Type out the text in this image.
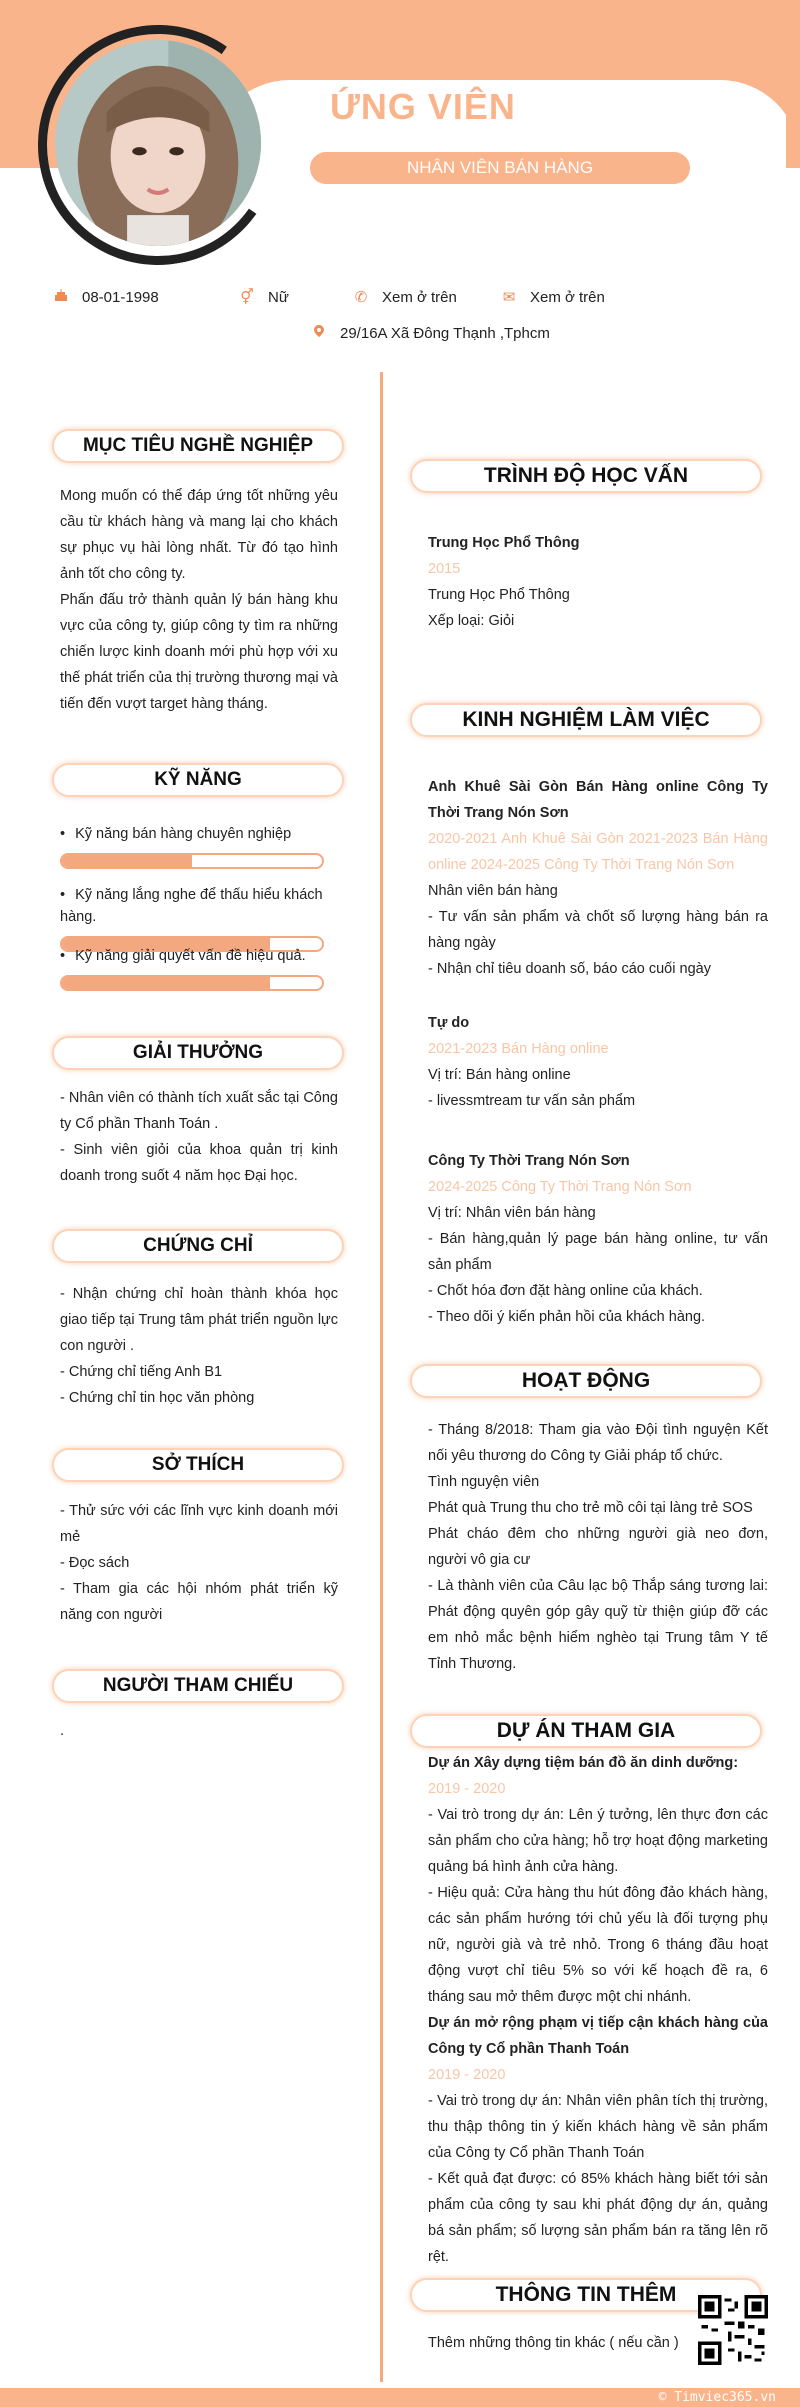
ỨNG VIÊN
NHÂN VIÊN BÁN HÀNG
08-01-1998	⚥ Nữ	✆ Xem ở trên	✉ Xem ở trên
29/16A Xã Đông Thạnh ,Tphcm
MỤC TIÊU NGHỀ NGHIỆP

Mong muốn có thể đáp ứng tốt những yêu cầu từ khách hàng và mang lại cho khách sự phục vụ hài lòng nhất. Từ đó tạo hình ảnh tốt cho công ty.

Phấn đấu trở thành quản lý bán hàng khu vực của công ty, giúp công ty tìm ra những chiến lược kinh doanh mới phù hợp với xu thế phát triển của thị trường thương mại và tiến đến vượt target hàng tháng.

KỸ NĂNG
• Kỹ năng bán hàng chuyên nghiệp
• Kỹ năng lắng nghe để thấu hiểu khách hàng.
• Kỹ năng giải quyết vấn đề hiệu quả.
GIẢI THƯỞNG

- Nhân viên có thành tích xuất sắc tại Công ty Cổ phần Thanh Toán .

- Sinh viên giỏi của khoa quản trị kinh doanh trong suốt 4 năm học Đại học.

CHỨNG CHỈ

- Nhận chứng chỉ hoàn thành khóa học giao tiếp tại Trung tâm phát triển nguồn lực con người .

- Chứng chỉ tiếng Anh B1

- Chứng chỉ tin học văn phòng

SỞ THÍCH

- Thử sức với các lĩnh vực kinh doanh mới mẻ

- Đọc sách

- Tham gia các hội nhóm phát triển kỹ năng con người

NGƯỜI THAM CHIẾU

.

TRÌNH ĐỘ HỌC VẤN

Trung Học Phổ Thông

2015

Trung Học Phổ Thông

Xếp loại: Giỏi

KINH NGHIỆM LÀM VIỆC

Anh Khuê Sài Gòn Bán Hàng online Công Ty Thời Trang Nón Sơn

2020-2021 Anh Khuê Sài Gòn 2021-2023 Bán Hàng online 2024-2025 Công Ty Thời Trang Nón Sơn

Nhân viên bán hàng

- Tư vấn sản phẩm và chốt số lượng hàng bán ra hàng ngày

- Nhận chỉ tiêu doanh số, báo cáo cuối ngày

Tự do

2021-2023 Bán Hàng online

Vị trí: Bán hàng online

- livessmtream tư vấn sản phẩm

Công Ty Thời Trang Nón Sơn

2024-2025 Công Ty Thời Trang Nón Sơn

Vị trí: Nhân viên bán hàng

- Bán hàng,quản lý page bán hàng online, tư vấn sản phẩm

- Chốt hóa đơn đặt hàng online của khách.

- Theo dõi ý kiến phản hồi của khách hàng.

HOẠT ĐỘNG

- Tháng 8/2018: Tham gia vào Đội tình nguyện Kết nối yêu thương do Công ty Giải pháp tổ chức.

Tình nguyện viên

Phát quà Trung thu cho trẻ mồ côi tại làng trẻ SOS

Phát cháo đêm cho những người già neo đơn, người vô gia cư

- Là thành viên của Câu lạc bộ Thắp sáng tương lai: Phát động quyên góp gây quỹ từ thiện giúp đỡ các em nhỏ mắc bệnh hiểm nghèo tại Trung tâm Y tế Tỉnh Thương.

DỰ ÁN THAM GIA

Dự án Xây dựng tiệm bán đồ ăn dinh dưỡng:

2019 - 2020

- Vai trò trong dự án: Lên ý tưởng, lên thực đơn các sản phẩm cho cửa hàng; hỗ trợ hoạt động marketing quảng bá hình ảnh cửa hàng.

- Hiệu quả: Cửa hàng thu hút đông đảo khách hàng, các sản phẩm hướng tới chủ yếu là đối tượng phụ nữ, người già và trẻ nhỏ. Trong 6 tháng đầu hoạt động vượt chỉ tiêu 5% so với kế hoạch đề ra, 6 tháng sau mở thêm được một chi nhánh.

Dự án mở rộng phạm vị tiếp cận khách hàng của Công ty Cổ phần Thanh Toán

2019 - 2020

- Vai trò trong dự án: Nhân viên phân tích thị trường, thu thập thông tin ý kiến khách hàng về sản phẩm của Công ty Cổ phần Thanh Toán

- Kết quả đạt được: có 85% khách hàng biết tới sản phẩm của công ty sau khi phát động dự án, quảng bá sản phẩm; số lượng sản phẩm bán ra tăng lên rõ rệt.

THÔNG TIN THÊM

Thêm những thông tin khác ( nếu cần )

© Timviec365.vn
